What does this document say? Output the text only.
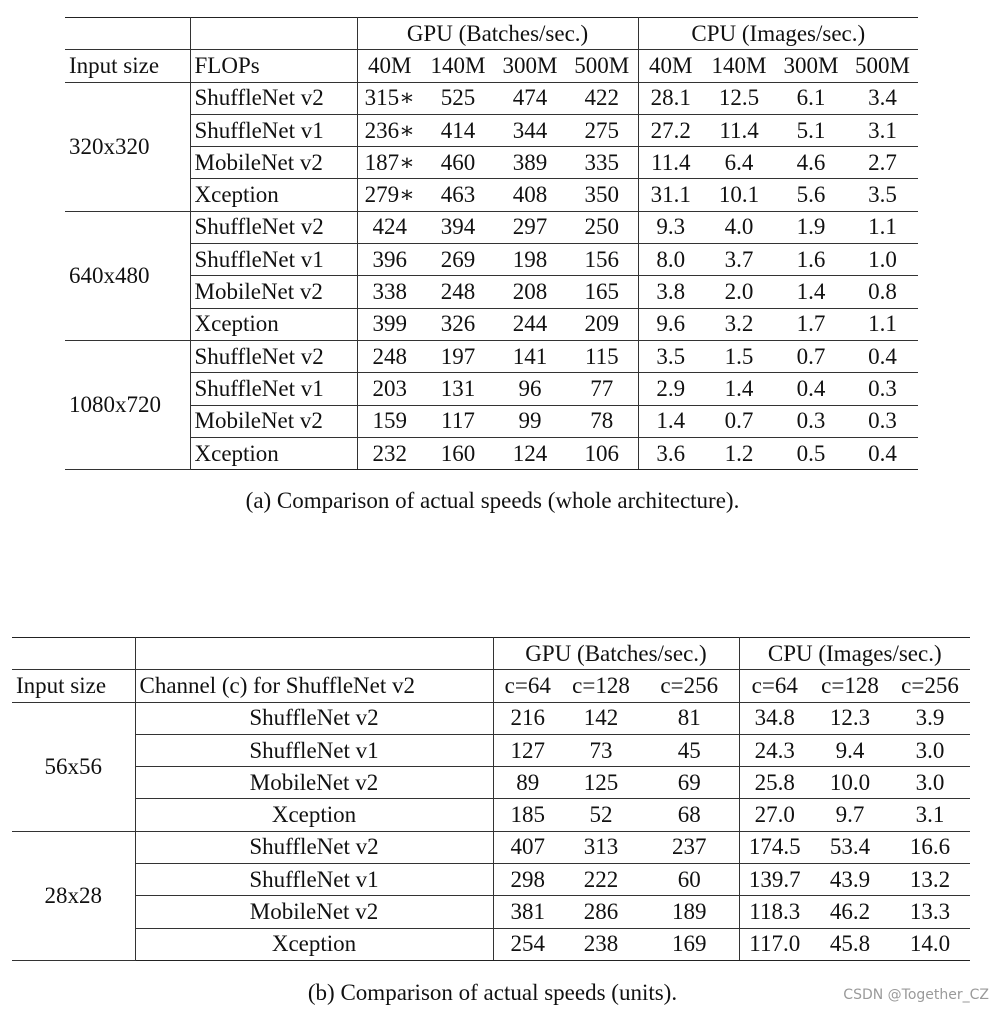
		GPU (Batches/sec.)				CPU (Images/sec.)			
Input size	FLOPs	40M	140M	300M	500M	40M	140M	300M	500M
320x320	ShuffleNet v2	315∗	525	474	422	28.1	12.5	6.1	3.4
	ShuffleNet v1	236∗	414	344	275	27.2	11.4	5.1	3.1
	MobileNet v2	187∗	460	389	335	11.4	6.4	4.6	2.7
	Xception	279∗	463	408	350	31.1	10.1	5.6	3.5
640x480	ShuffleNet v2	424	394	297	250	9.3	4.0	1.9	1.1
	ShuffleNet v1	396	269	198	156	8.0	3.7	1.6	1.0
	MobileNet v2	338	248	208	165	3.8	2.0	1.4	0.8
	Xception	399	326	244	209	9.6	3.2	1.7	1.1
1080x720	ShuffleNet v2	248	197	141	115	3.5	1.5	0.7	0.4
	ShuffleNet v1	203	131	96	77	2.9	1.4	0.4	0.3
	MobileNet v2	159	117	99	78	1.4	0.7	0.3	0.3
	Xception	232	160	124	106	3.6	1.2	0.5	0.4
(a) Comparison of actual speeds (whole architecture).
		GPU (Batches/sec.)			CPU (Images/sec.)		
Input size	Channel (c) for ShuffleNet v2	c=64	c=128	c=256	c=64	c=128	c=256
56x56	ShuffleNet v2	216	142	81	34.8	12.3	3.9
	ShuffleNet v1	127	73	45	24.3	9.4	3.0
	MobileNet v2	89	125	69	25.8	10.0	3.0
	Xception	185	52	68	27.0	9.7	3.1
28x28	ShuffleNet v2	407	313	237	174.5	53.4	16.6
	ShuffleNet v1	298	222	60	139.7	43.9	13.2
	MobileNet v2	381	286	189	118.3	46.2	13.3
	Xception	254	238	169	117.0	45.8	14.0
(b) Comparison of actual speeds (units).	CSDN @Together_CZ
